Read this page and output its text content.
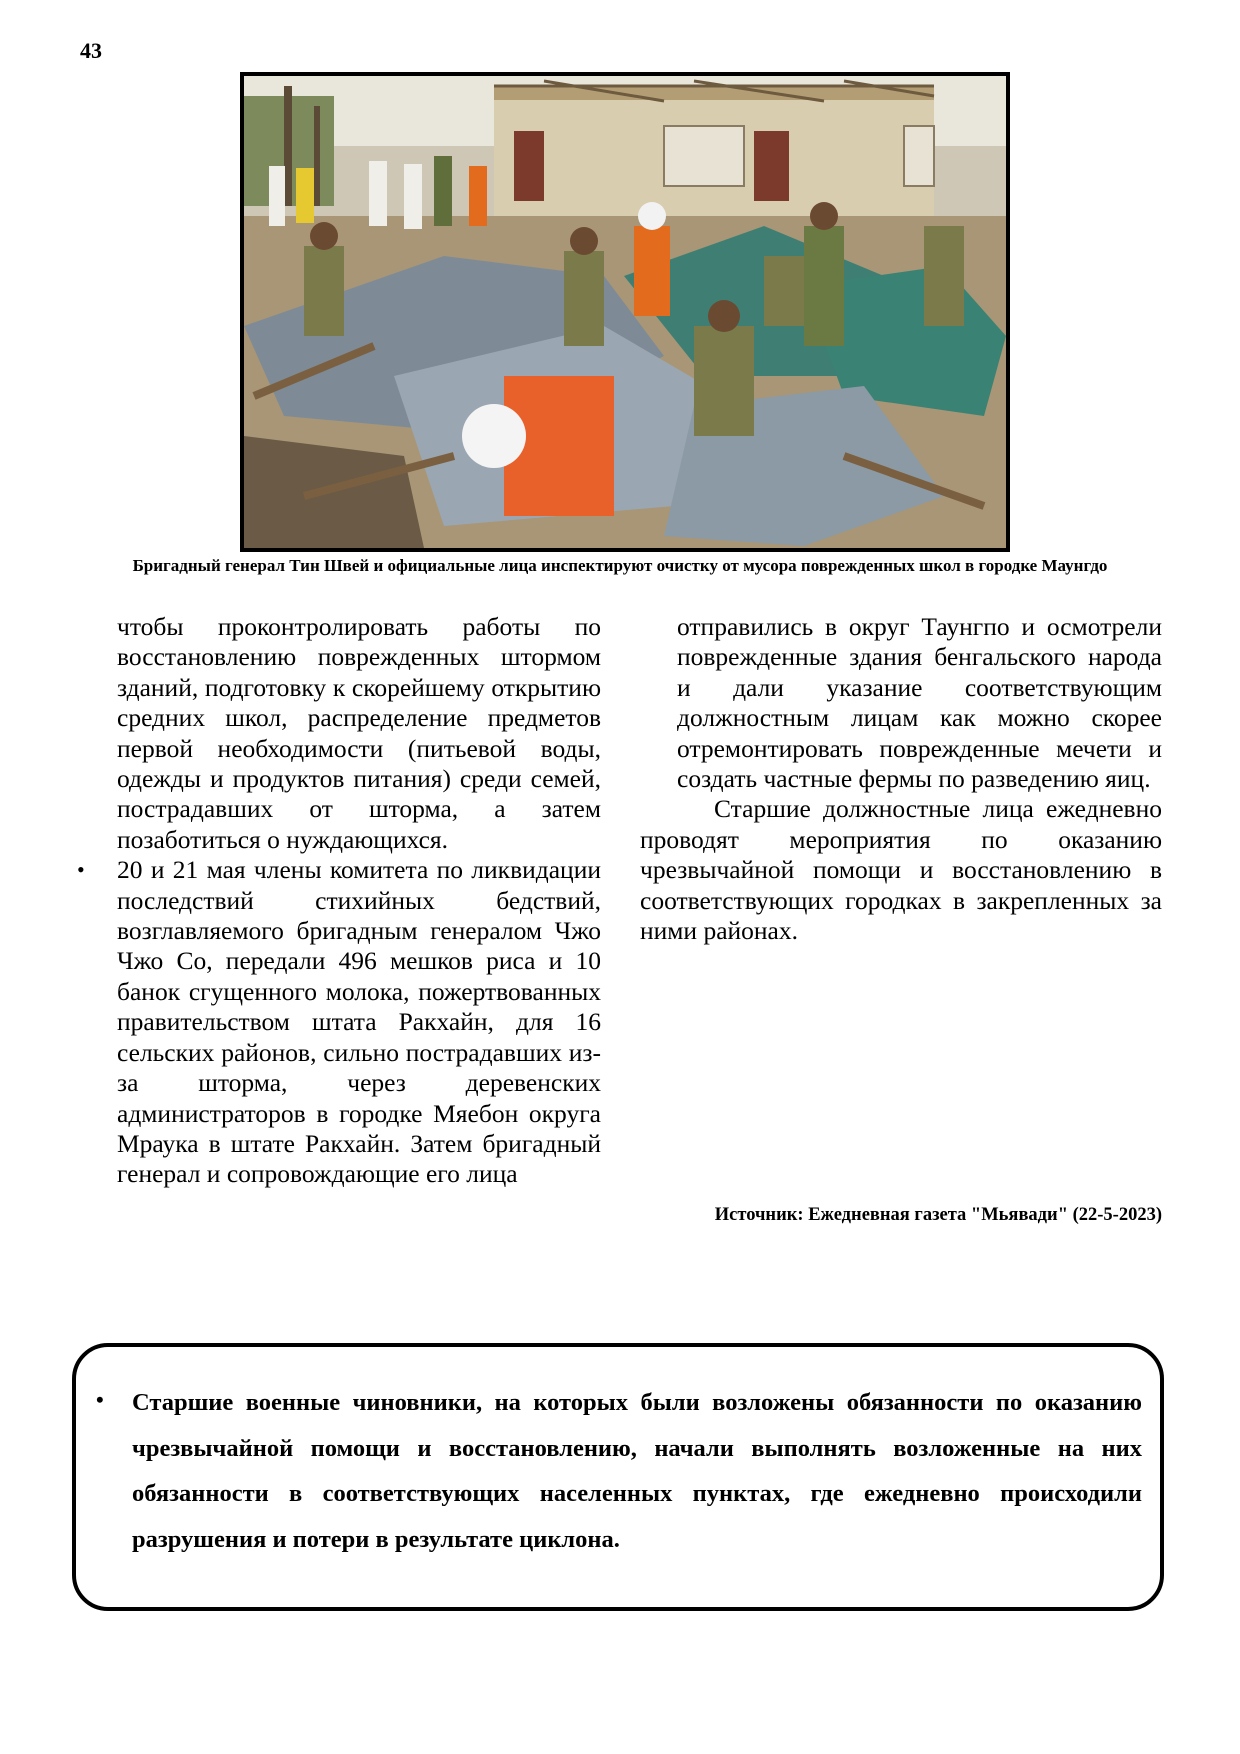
43
Бригадный генерал Тин Швей и официальные лица инспектируют очистку от мусора поврежденных школ в городке Маунгдо

чтобы проконтролировать работы по восстановлению поврежденных штормом зданий, подготовку к скорейшему открытию средних школ, распределение предметов первой необходимости (питьевой воды, одежды и продуктов питания) среди семей, пострадавших от шторма, а затем позаботиться о нуждающихся.

• 20 и 21 мая члены комитета по ликвидации последствий стихийных бедствий, возглавляемого бригадным генералом Чжо Чжо Со, передали 496 мешков риса и 10 банок сгущенного молока, пожертвованных правительством штата Ракхайн, для 16 сельских районов, сильно пострадавших из-за шторма, через деревенских администраторов в городке Мяебон округа Мраука в штате Ракхайн. Затем бригадный генерал и сопровождающие его лица

отправились в округ Таунгпо и осмотрели поврежденные здания бенгальского народа и дали указание соответствующим должностным лицам как можно скорее отремонтировать поврежденные мечети и создать частные фермы по разведению яиц.

Старшие должностные лица ежедневно проводят мероприятия по оказанию чрезвычайной помощи и восстановлению в соответствующих городках в закрепленных за ними районах.

Источник: Ежедневная газета "Мьявади" (22-5-2023)
• Старшие военные чиновники, на которых были возложены обязанности по оказанию чрезвычайной помощи и восстановлению, начали выполнять возложенные на них обязанности в соответствующих населенных пунктах, где ежедневно происходили разрушения и потери в результате циклона.
